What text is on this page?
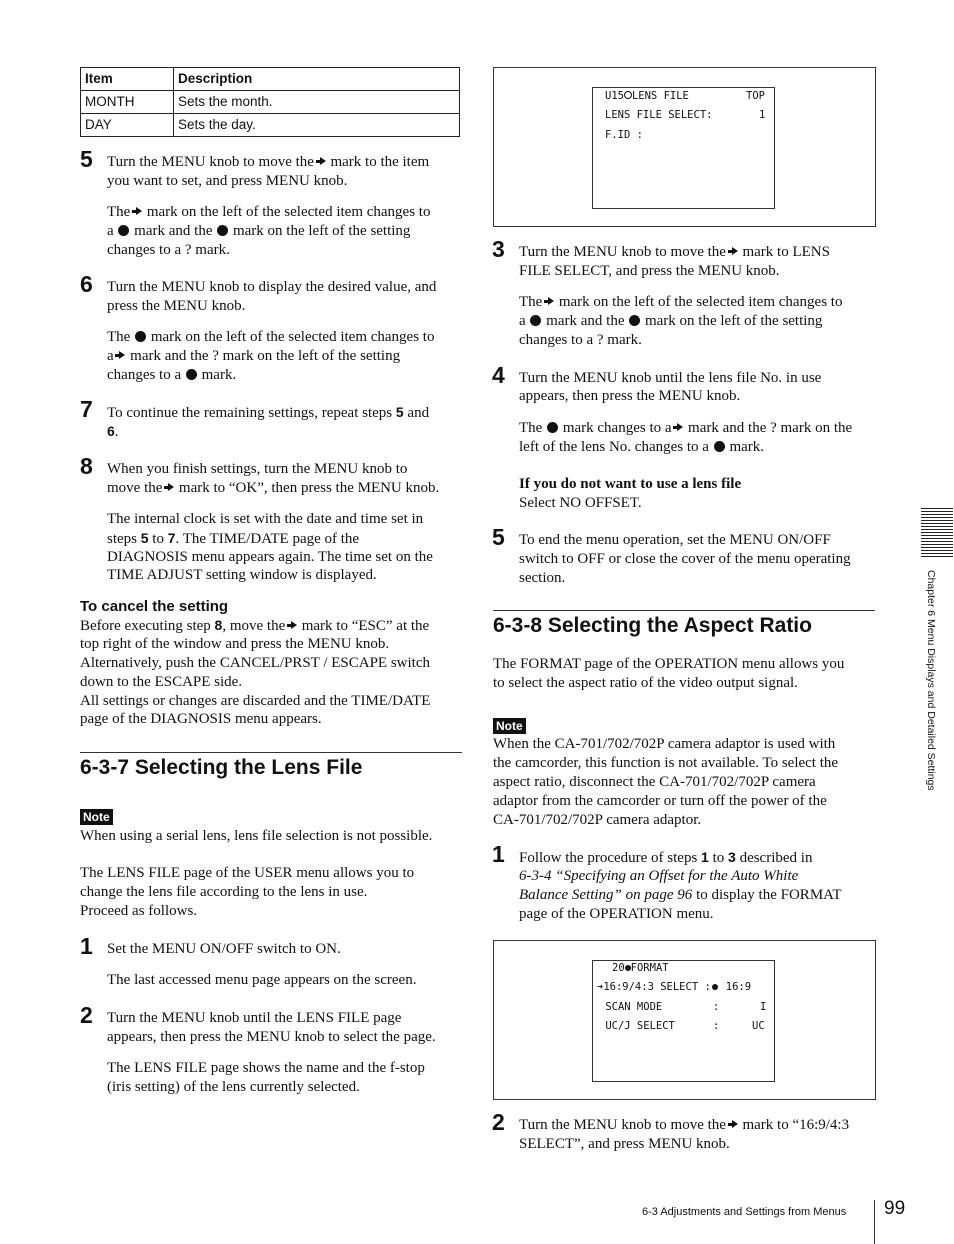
Item	Description
MONTH	Sets the month.
DAY	Sets the day.
5 Turn the MENU knob to move the mark to the item

you want to set, and press MENU knob.

The mark on the left of the selected item changes to

a mark and the mark on the left of the setting

changes to a ? mark.

6 Turn the MENU knob to display the desired value, and

press the MENU knob.

The mark on the left of the selected item changes to

a mark and the ? mark on the left of the setting

changes to a mark.

7 To continue the remaining settings, repeat steps 5 and

6.

8 When you finish settings, turn the MENU knob to

move the mark to “OK”, then press the MENU knob.

The internal clock is set with the date and time set in

steps 5 to 7. The TIME/DATE page of the

DIAGNOSIS menu appears again. The time set on the

TIME ADJUST setting window is displayed.

To cancel the setting

Before executing step 8, move the mark to “ESC” at the

top right of the window and press the MENU knob.

Alternatively, push the CANCEL/PRST / ESCAPE switch

down to the ESCAPE side.

All settings or changes are discarded and the TIME/DATE

page of the DIAGNOSIS menu appears.

6-3-7 Selecting the Lens File
Note

When using a serial lens, lens file selection is not possible.

The LENS FILE page of the USER menu allows you to

change the lens file according to the lens in use.

Proceed as follows.

1 Set the MENU ON/OFF switch to ON.

The last accessed menu page appears on the screen.

2 Turn the MENU knob until the LENS FILE page

appears, then press the MENU knob to select the page.

The LENS FILE page shows the name and the f-stop

(iris setting) of the lens currently selected.

U15 LENS FILE	TOP
LENS FILE SELECT:	1
F.ID :
3 Turn the MENU knob to move the mark to LENS

FILE SELECT, and press the MENU knob.

The mark on the left of the selected item changes to

a mark and the mark on the left of the setting

changes to a ? mark.

4 Turn the MENU knob until the lens file No. in use

appears, then press the MENU knob.

The mark changes to a mark and the ? mark on the

left of the lens No. changes to a mark.

If you do not want to use a lens file

Select NO OFFSET.

5 To end the menu operation, set the MENU ON/OFF

switch to OFF or close the cover of the menu operating

section.

6-3-8 Selecting the Aspect Ratio

The FORMAT page of the OPERATION menu allows you

to select the aspect ratio of the video output signal.

Note

When the CA-701/702/702P camera adaptor is used with

the camcorder, this function is not available. To select the

aspect ratio, disconnect the CA-701/702/702P camera

adaptor from the camcorder or turn off the power of the

CA-701/702/702P camera adaptor.

1 Follow the procedure of steps 1 to 3 described in

6-3-4 “Specifying an Offset for the Auto White

Balance Setting” on page 96 to display the FORMAT

page of the OPERATION menu.

20 FORMAT
➔16:9/4:3 SELECT : 16:9
SCAN MODE	:	I
UC/J SELECT	:	UC
2 Turn the MENU knob to move the mark to “16:9/4:3

SELECT”, and press MENU knob.

Chapter 6 Menu Displays and Detailed Settings
6-3 Adjustments and Settings from Menus 99
